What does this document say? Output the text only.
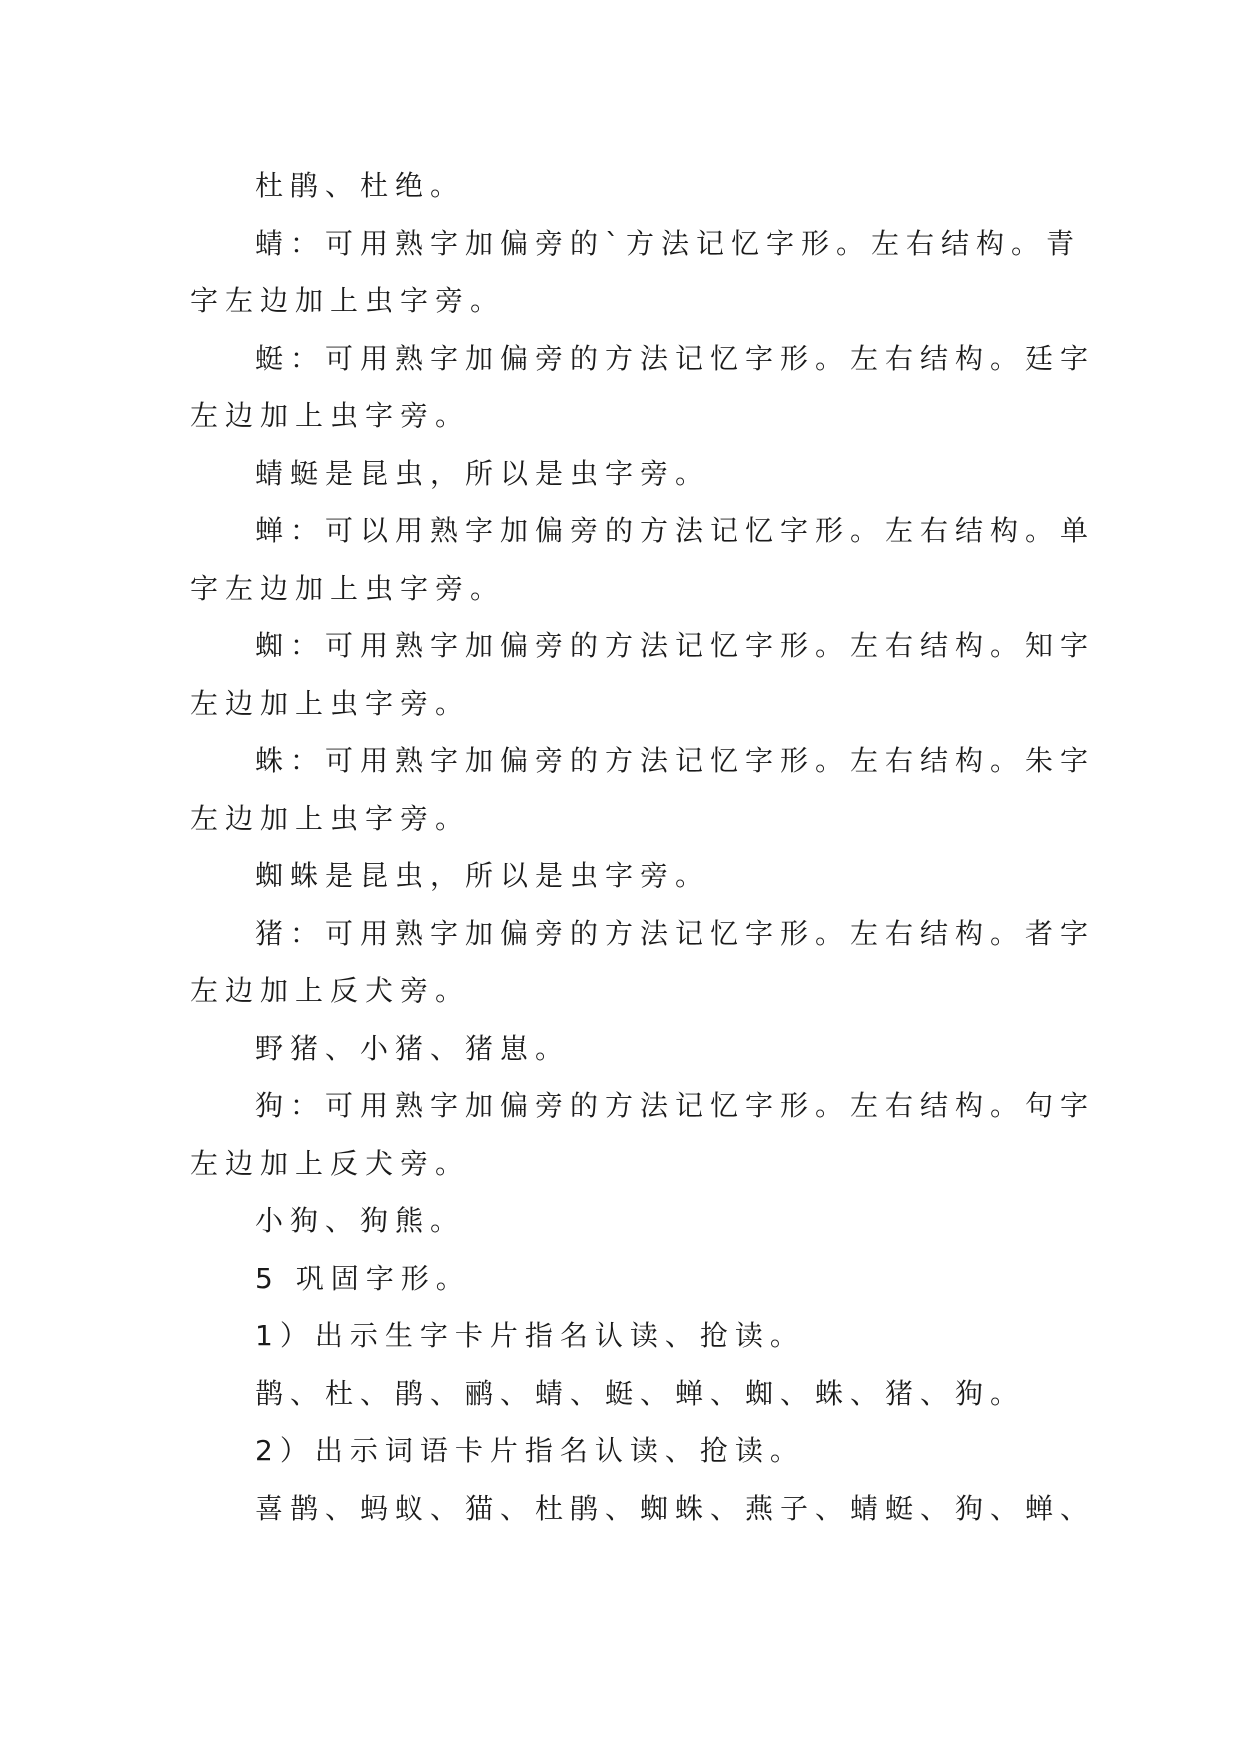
杜鹃、杜绝。
蜻：可用熟字加偏旁的`方法记忆字形。左右结构。青
字左边加上虫字旁。
蜓：可用熟字加偏旁的方法记忆字形。左右结构。廷字
左边加上虫字旁。
蜻蜓是昆虫，所以是虫字旁。
蝉：可以用熟字加偏旁的方法记忆字形。左右结构。单
字左边加上虫字旁。
蜘：可用熟字加偏旁的方法记忆字形。左右结构。知字
左边加上虫字旁。
蛛：可用熟字加偏旁的方法记忆字形。左右结构。朱字
左边加上虫字旁。
蜘蛛是昆虫，所以是虫字旁。
猪：可用熟字加偏旁的方法记忆字形。左右结构。者字
左边加上反犬旁。
野猪、小猪、猪崽。
狗：可用熟字加偏旁的方法记忆字形。左右结构。句字
左边加上反犬旁。
小狗、狗熊。
5 巩固字形。
1）出示生字卡片指名认读、抢读。
鹊、杜、鹃、鹂、蜻、蜓、蝉、蜘、蛛、猪、狗。
2）出示词语卡片指名认读、抢读。
喜鹊、蚂蚁、猫、杜鹃、蜘蛛、燕子、蜻蜓、狗、蝉、
